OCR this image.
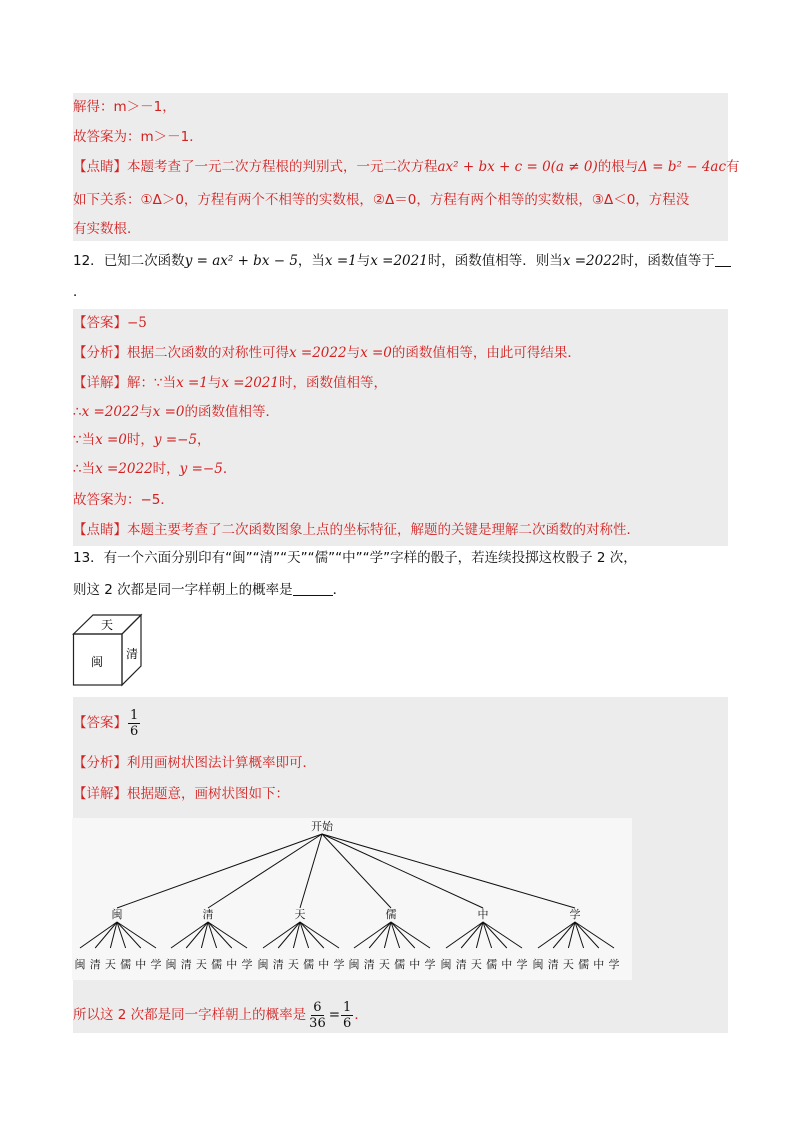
解得：m＞－1，
故答案为：m＞－1．
【点睛】本题考查了一元二次方程根的判别式，一元二次方程ax² + bx + c = 0(a ≠ 0)的根与Δ = b² − 4ac有
如下关系：①Δ＞0，方程有两个不相等的实数根，②Δ＝0，方程有两个相等的实数根，③Δ＜0，方程没
有实数根．
12．已知二次函数y = ax² + bx − 5，当x =1与x =2021时，函数值相等．则当x =2022时，函数值等于
．
【答案】−5
【分析】根据二次函数的对称性可得x =2022与x =0的函数值相等，由此可得结果．
【详解】解：∵当x =1与x =2021时，函数值相等，
∴x =2022与x =0的函数值相等．
∵当x =0时，y =−5，
∴当x =2022时，y =−5．
故答案为：−5．
【点睛】本题主要考查了二次函数图象上点的坐标特征，解题的关键是理解二次函数的对称性．
13．有一个六面分别印有“闽”“清”“天”“儒”“中”“学”字样的骰子，若连续投掷这枚骰子 2 次，
则这 2 次都是同一字样朝上的概率是	．
天
闽
清
【答案】 $\frac{1}{6}$
【分析】利用画树状图法计算概率即可．
【详解】根据题意，画树状图如下：
开始
闽
闽 清 天 儒 中 学
清
闽 清 天 儒 中 学
天
闽 清 天 儒 中 学
儒
闽 清 天 儒 中 学
中
闽 清 天 儒 中 学
学
闽 清 天 儒 中 学
所以这 2 次都是同一字样朝上的概率是 $\frac{6}{36} = \frac{1}{6}$ ．
